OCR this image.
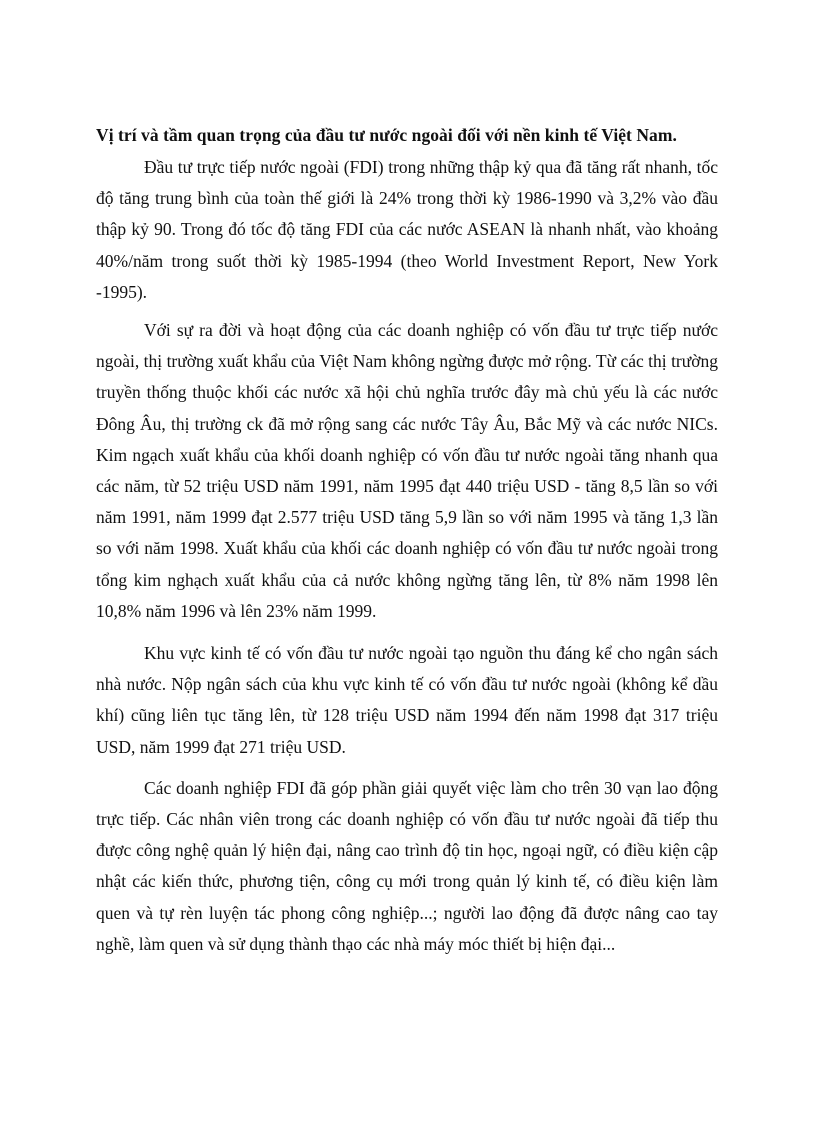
Vị trí và tầm quan trọng của đầu tư nước ngoài đối với nền kinh tế Việt Nam.

Đầu tư trực tiếp nước ngoài (FDI) trong những thập kỷ qua đã tăng rất nhanh, tốc độ tăng trung bình của toàn thế giới là 24% trong thời kỳ 1986-1990 và 3,2% vào đầu thập kỷ 90. Trong đó tốc độ tăng FDI của các nước ASEAN là nhanh nhất, vào khoảng 40%/năm trong suốt thời kỳ 1985-1994 (theo World Investment Report, New York -1995).

Với sự ra đời và hoạt động của các doanh nghiệp có vốn đầu tư trực tiếp nước ngoài, thị trường xuất khẩu của Việt Nam không ngừng được mở rộng. Từ các thị trường truyền thống thuộc khối các nước xã hội chủ nghĩa trước đây mà chủ yếu là các nước Đông Âu, thị trường ck đã mở rộng sang các nước Tây Âu, Bắc Mỹ và các nước NICs. Kim ngạch xuất khẩu của khối doanh nghiệp có vốn đầu tư nước ngoài tăng nhanh qua các năm, từ 52 triệu USD năm 1991, năm 1995 đạt 440 triệu USD - tăng 8,5 lần so với năm 1991, năm 1999 đạt 2.577 triệu USD tăng 5,9 lần so với năm 1995 và tăng 1,3 lần so với năm 1998. Xuất khẩu của khối các doanh nghiệp có vốn đầu tư nước ngoài trong tổng kim nghạch xuất khẩu của cả nước không ngừng tăng lên, từ 8% năm 1998 lên 10,8% năm 1996 và lên 23% năm 1999.

Khu vực kinh tế có vốn đầu tư nước ngoài tạo nguồn thu đáng kể cho ngân sách nhà nước. Nộp ngân sách của khu vực kinh tế có vốn đầu tư nước ngoài (không kể dầu khí) cũng liên tục tăng lên, từ 128 triệu USD năm 1994 đến năm 1998 đạt 317 triệu USD, năm 1999 đạt 271 triệu USD.

Các doanh nghiệp FDI đã góp phần giải quyết việc làm cho trên 30 vạn lao động trực tiếp. Các nhân viên trong các doanh nghiệp có vốn đầu tư nước ngoài đã tiếp thu được công nghệ quản lý hiện đại, nâng cao trình độ tin học, ngoại ngữ, có điều kiện cập nhật các kiến thức, phương tiện, công cụ mới trong quản lý kinh tế, có điều kiện làm quen và tự rèn luyện tác phong công nghiệp...; người lao động đã được nâng cao tay nghề, làm quen và sử dụng thành thạo các nhà máy móc thiết bị hiện đại...
